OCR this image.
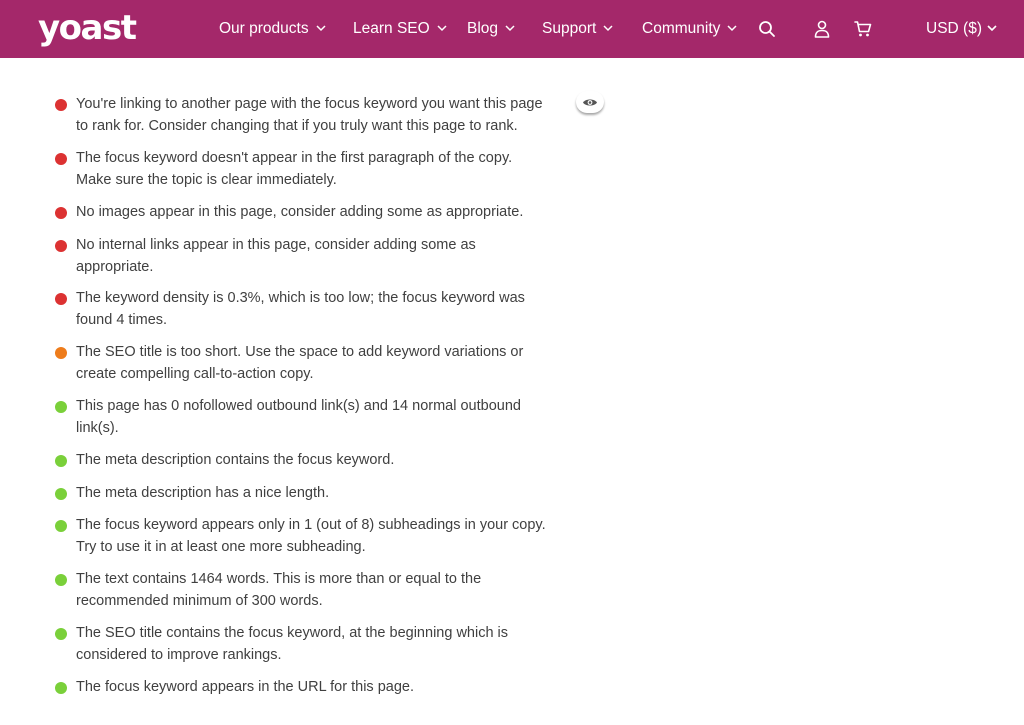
yoast	Our products	Learn SEO Blog	Support	Community	USD ($)
You're linking to another page with the focus keyword you want this page
to rank for. Consider changing that if you truly want this page to rank.
The focus keyword doesn't appear in the first paragraph of the copy.
Make sure the topic is clear immediately.
No images appear in this page, consider adding some as appropriate.
No internal links appear in this page, consider adding some as
appropriate.
The keyword density is 0.3%, which is too low; the focus keyword was
found 4 times.
The SEO title is too short. Use the space to add keyword variations or
create compelling call-to-action copy.
This page has 0 nofollowed outbound link(s) and 14 normal outbound
link(s).
The meta description contains the focus keyword.
The meta description has a nice length.
The focus keyword appears only in 1 (out of 8) subheadings in your copy.
Try to use it in at least one more subheading.
The text contains 1464 words. This is more than or equal to the
recommended minimum of 300 words.
The SEO title contains the focus keyword, at the beginning which is
considered to improve rankings.
The focus keyword appears in the URL for this page.
